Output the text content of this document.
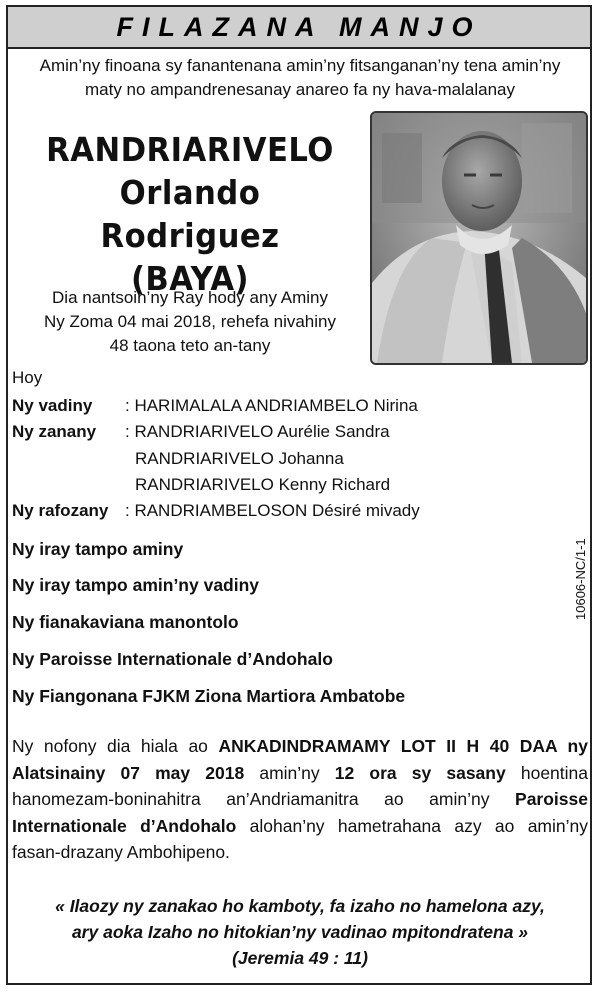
FILAZANA MANJO
Amin’ny finoana sy fanantenana amin’ny fitsanganan’ny tena amin’ny
maty no ampandrenesanay anareo fa ny hava-malalanay
RANDRIARIVELO
Orlando Rodriguez
(BAYA)
Dia nantsoin’ny Ray hody any Aminy
Ny Zoma 04 mai 2018, rehefa nivahiny
48 taona teto an-tany
Hoy
Ny vadiny : HARIMALALA ANDRIAMBELO Nirina
Ny zanany : RANDRIARIVELO Aurélie Sandra
RANDRIARIVELO Johanna
RANDRIARIVELO Kenny Richard
Ny rafozany : RANDRIAMBELOSON Désiré mivady
Ny iray tampo aminy
Ny iray tampo amin’ny vadiny
Ny fianakaviana manontolo
Ny Paroisse Internationale d’Andohalo
Ny Fiangonana FJKM Ziona Martiora Ambatobe
10606-NC/1-1
Ny nofony dia hiala ao ANKADINDRAMAMY LOT II H 40 DAA ny Alatsinainy 07 may 2018 amin’ny 12 ora sy sasany hoentina hanomezam-boninahitra an’Andriamanitra ao amin’ny Paroisse Internationale d’Andohalo alohan’ny hametrahana azy ao amin’ny fasan-drazany Ambohipeno.
« Ilaozy ny zanakao ho kamboty, fa izaho no hamelona azy,
ary aoka Izaho no hitokian’ny vadinao mpitondratena »
(Jeremia 49 : 11)
